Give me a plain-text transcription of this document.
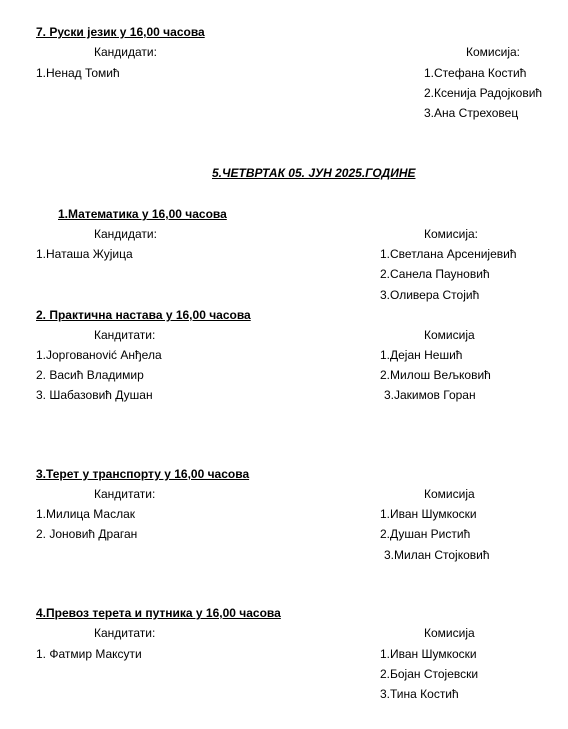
7. Руски језик у 16,00 часова
Кандидати:	Комисија:
1.Ненад Томић	1.Стефана Костић
2.Ксенија Радојковић
3.Ана Стреховец
5.ЧЕТВРТАК 05. ЈУН 2025.ГОДИНЕ
1.Математика у 16,00 часова
Кандидати:	Комисија:
1.Наташа Жујица	1.Светлана Арсенијевић
2.Санела Пауновић
3.Оливера Стојић
2. Практична настава у 16,00 часова
Кандитати:	Комисија
1.Јоргованović Анђела	1.Дејан Нешић
2. Васић Владимир	2.Милош Вељковић
3. Шабазовић Душан	3.Јакимов Горан
3.Терет у транспорту у 16,00 часова
Кандитати:	Комисија
1.Милица Маслак	1.Иван Шумкоски
2. Јоновић Драган	2.Душан Ристић
3.Милан Стојковић
4.Превоз терета и путника у 16,00 часова
Кандитати:	Комисија
1. Фатмир Максути	1.Иван Шумкоски
2.Бојан Стојевски
3.Тина Костић
